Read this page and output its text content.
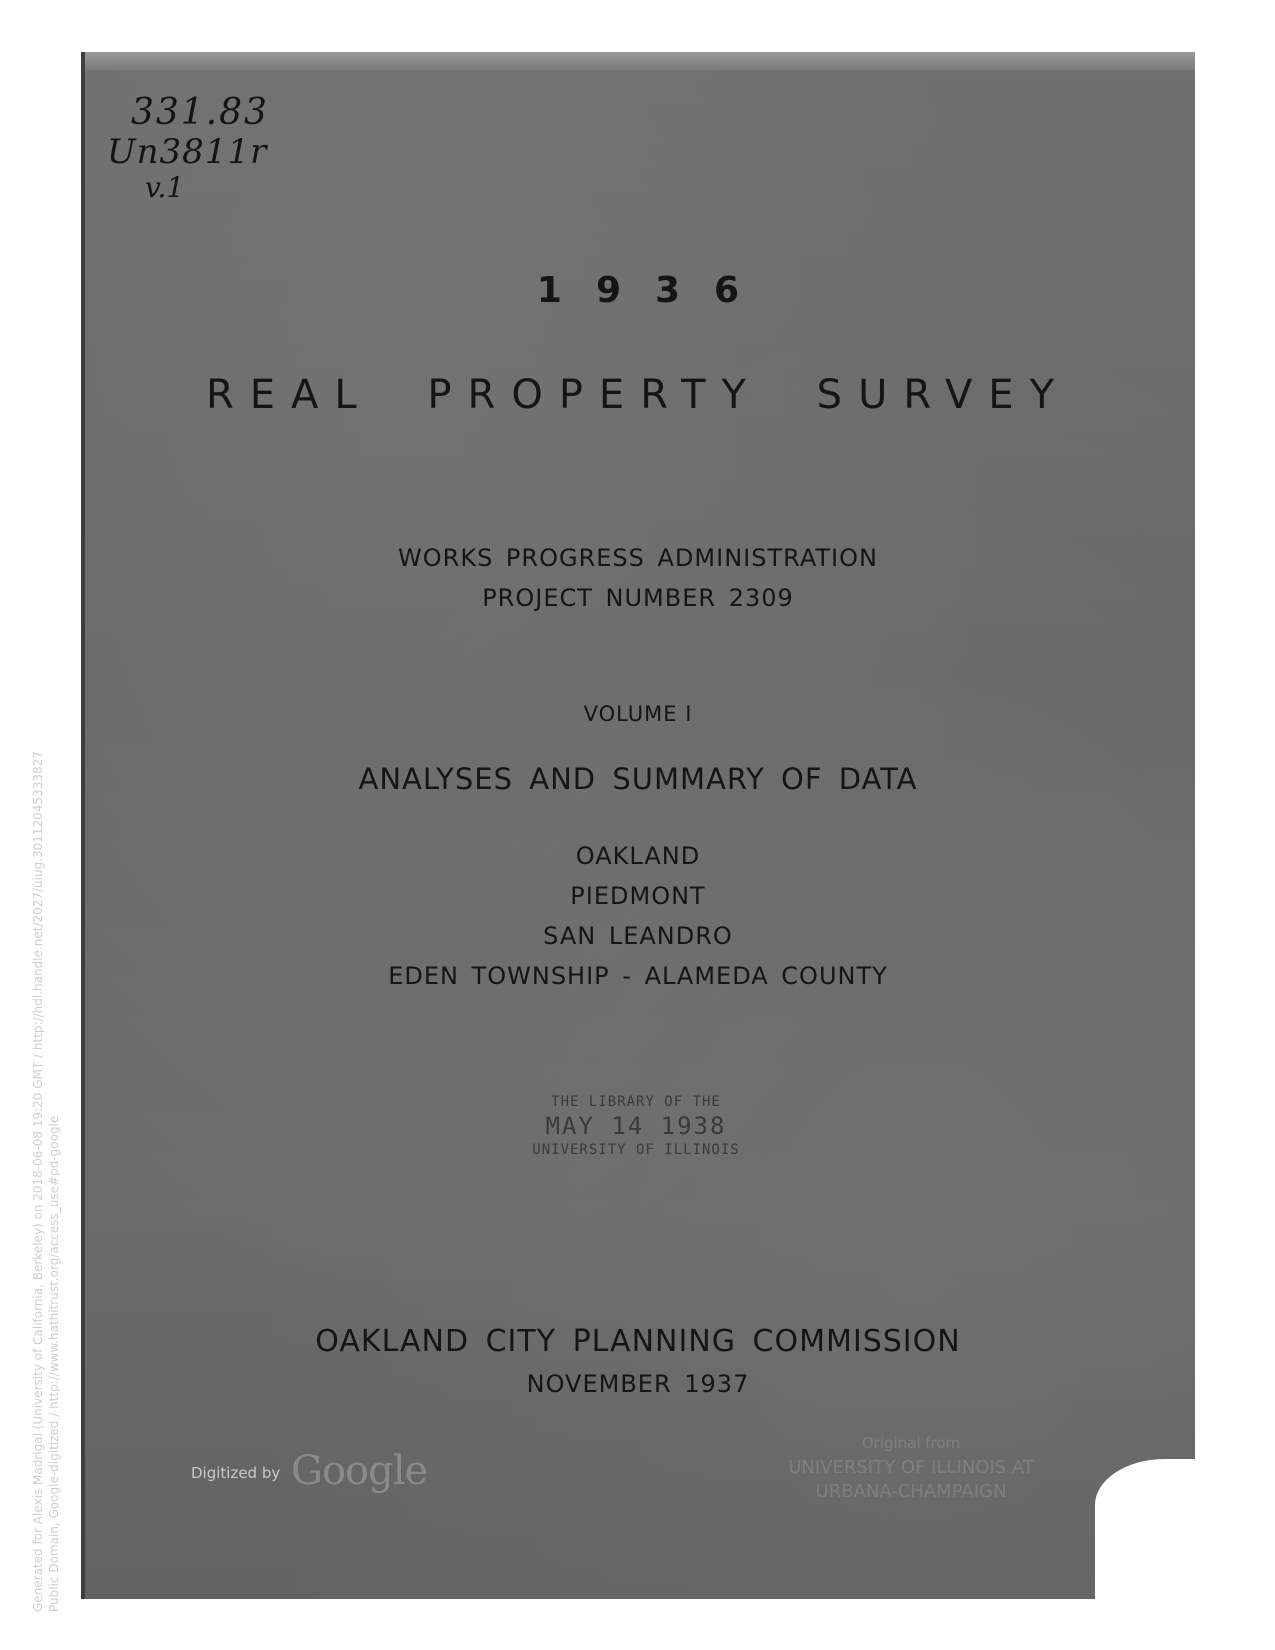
331.83
Un3811r
v.1
1936
REAL PROPERTY SURVEY
WORKS PROGRESS ADMINISTRATION
PROJECT NUMBER 2309
VOLUME I
ANALYSES AND SUMMARY OF DATA
OAKLAND
PIEDMONT
SAN LEANDRO
EDEN TOWNSHIP - ALAMEDA COUNTY
THE LIBRARY OF THE
MAY 14 1938
UNIVERSITY OF ILLINOIS
OAKLAND CITY PLANNING COMMISSION
NOVEMBER 1937
Digitized by Google
Original from
UNIVERSITY OF ILLINOIS AT
URBANA-CHAMPAIGN
Generated for Alexis Madrigal (University of California, Berkeley) on 2018-06-08 19:20 GMT / http://hdl.handle.net/2027/uiug.30112045333827 Public Domain, Google-digitized / http://www.hathitrust.org/access_use#pd-google
